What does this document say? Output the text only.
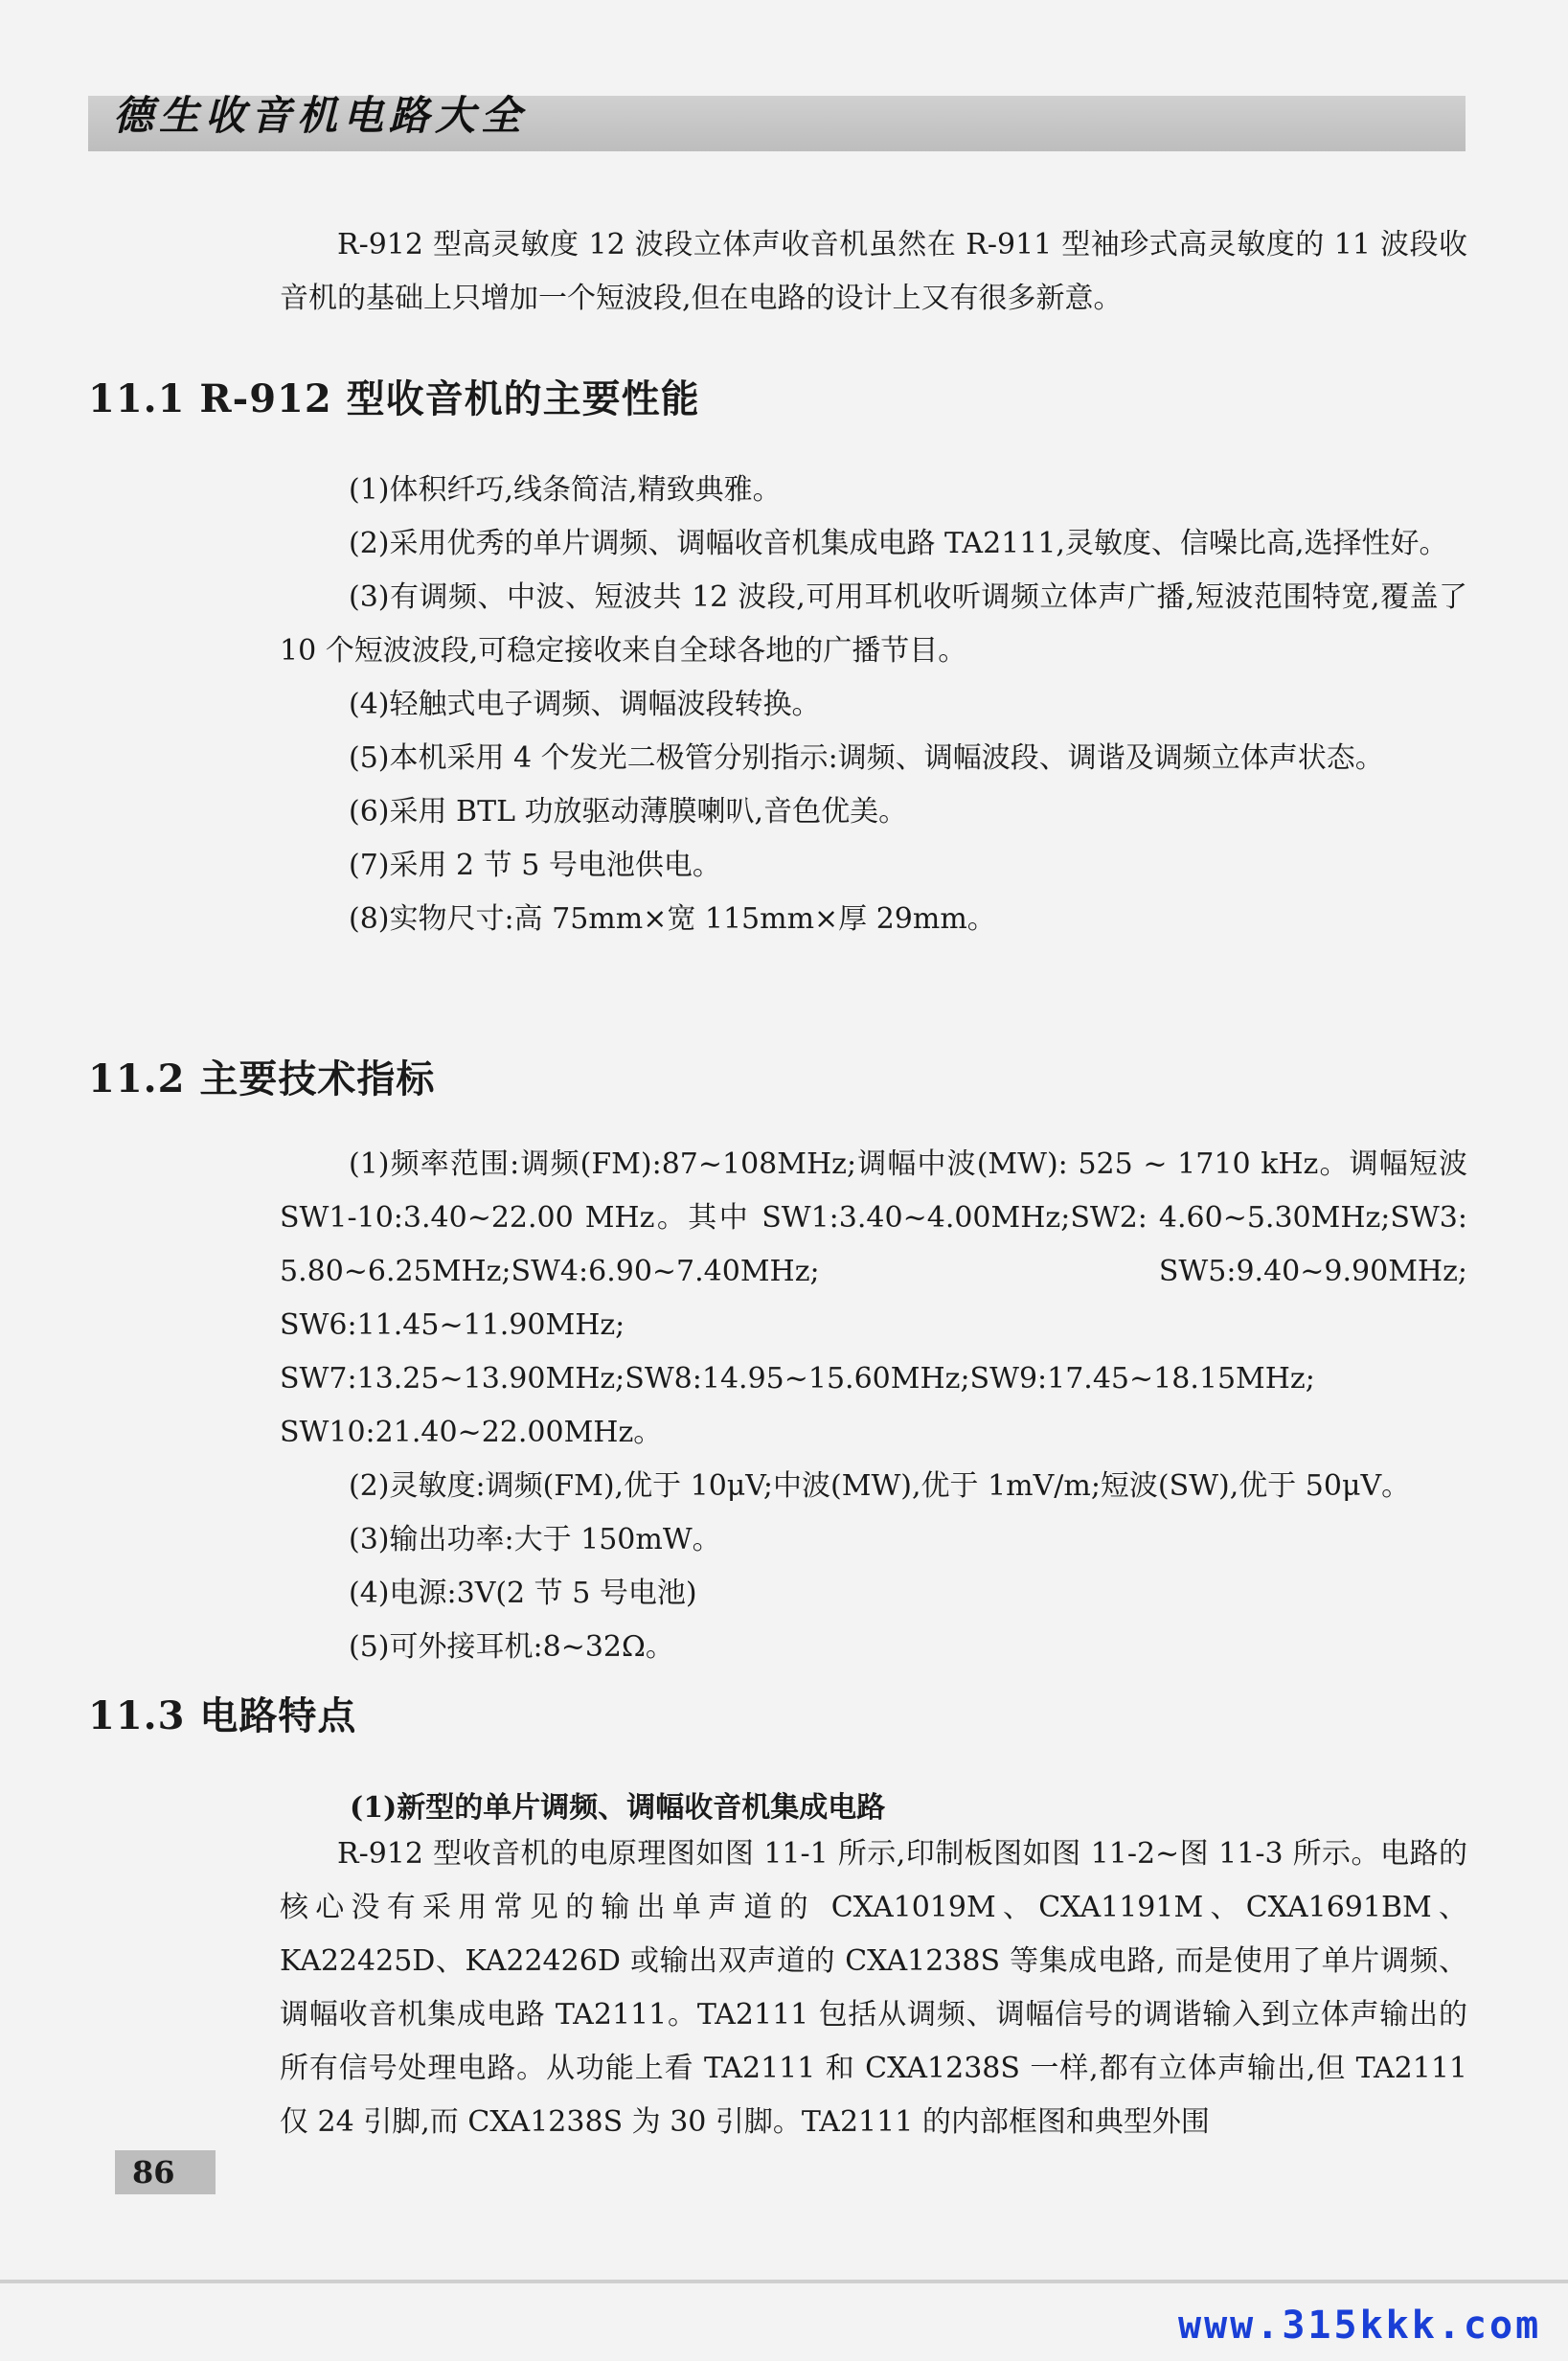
德生收音机电路大全

R-912 型高灵敏度 12 波段立体声收音机虽然在 R-911 型袖珍式高灵敏度的 11 波段收音机的基础上只增加一个短波段,但在电路的设计上又有很多新意。

11.1 R-912 型收音机的主要性能

(1)体积纤巧,线条简洁,精致典雅。

(2)采用优秀的单片调频、调幅收音机集成电路 TA2111,灵敏度、信噪比高,选择性好。

(3)有调频、中波、短波共 12 波段,可用耳机收听调频立体声广播,短波范围特宽,覆盖了 10 个短波波段,可稳定接收来自全球各地的广播节目。

(4)轻触式电子调频、调幅波段转换。

(5)本机采用 4 个发光二极管分别指示:调频、调幅波段、调谐及调频立体声状态。

(6)采用 BTL 功放驱动薄膜喇叭,音色优美。

(7)采用 2 节 5 号电池供电。

(8)实物尺寸:高 75mm×宽 115mm×厚 29mm。

11.2 主要技术指标

(1)频率范围:调频(FM):87~108MHz;调幅中波(MW): 525 ~ 1710 kHz。调幅短波 SW1-10:3.40~22.00 MHz。其中 SW1:3.40~4.00MHz;SW2: 4.60~5.30MHz;SW3: 5.80~6.25MHz;SW4:6.90~7.40MHz; SW5:9.40~9.90MHz; SW6:11.45~11.90MHz; SW7:13.25~13.90MHz;SW8:14.95~15.60MHz;SW9:17.45~18.15MHz; SW10:21.40~22.00MHz。

(2)灵敏度:调频(FM),优于 10μV;中波(MW),优于 1mV/m;短波(SW),优于 50μV。

(3)输出功率:大于 150mW。

(4)电源:3V(2 节 5 号电池)

(5)可外接耳机:8~32Ω。

11.3 电路特点
(1)新型的单片调频、调幅收音机集成电路

R-912 型收音机的电原理图如图 11-1 所示,印制板图如图 11-2~图 11-3 所示。电路的核心没有采用常见的输出单声道的 CXA1019M、CXA1191M、CXA1691BM、KA22425D、KA22426D 或输出双声道的 CXA1238S 等集成电路, 而是使用了单片调频、调幅收音机集成电路 TA2111。TA2111 包括从调频、调幅信号的调谐输入到立体声输出的所有信号处理电路。从功能上看 TA2111 和 CXA1238S 一样,都有立体声输出,但 TA2111 仅 24 引脚,而 CXA1238S 为 30 引脚。TA2111 的内部框图和典型外围

86
www.315kkk.com
